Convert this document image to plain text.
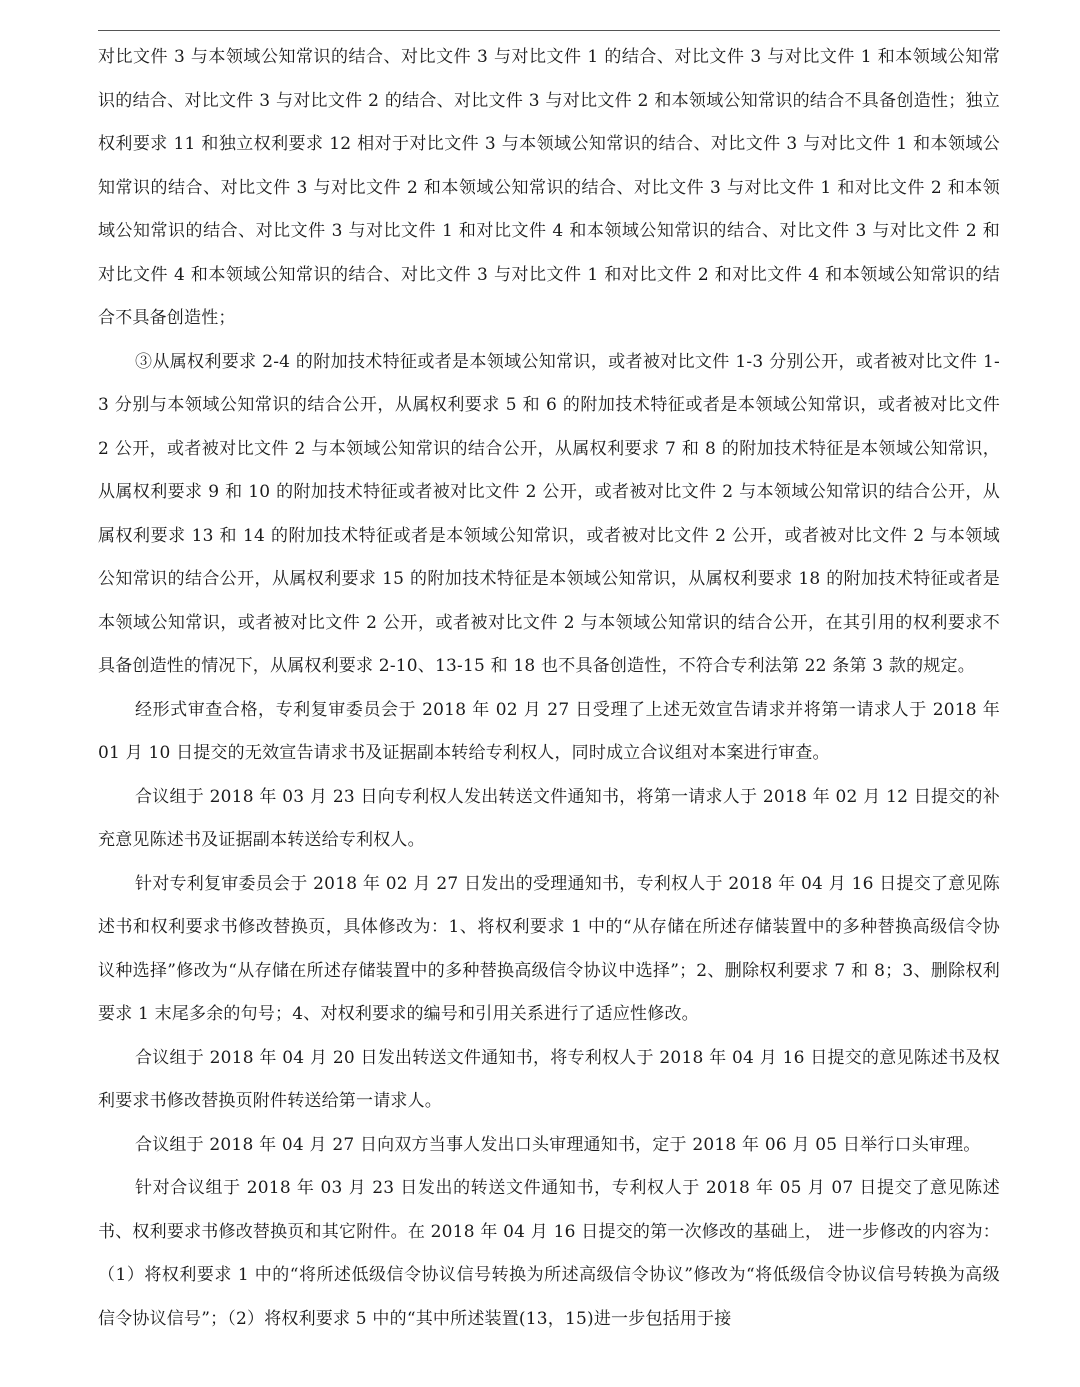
对比文件 3 与本领域公知常识的结合、对比文件 3 与对比文件 1 的结合、对比文件 3 与对比文件 1 和本领域公知常识的结合、对比文件 3 与对比文件 2 的结合、对比文件 3 与对比文件 2 和本领域公知常识的结合不具备创造性；独立权利要求 11 和独立权利要求 12 相对于对比文件 3 与本领域公知常识的结合、对比文件 3 与对比文件 1 和本领域公知常识的结合、对比文件 3 与对比文件 2 和本领域公知常识的结合、对比文件 3 与对比文件 1 和对比文件 2 和本领域公知常识的结合、对比文件 3 与对比文件 1 和对比文件 4 和本领域公知常识的结合、对比文件 3 与对比文件 2 和对比文件 4 和本领域公知常识的结合、对比文件 3 与对比文件 1 和对比文件 2 和对比文件 4 和本领域公知常识的结合不具备创造性；

③从属权利要求 2-4 的附加技术特征或者是本领域公知常识，或者被对比文件 1-3 分别公开，或者被对比文件 1-3 分别与本领域公知常识的结合公开，从属权利要求 5 和 6 的附加技术特征或者是本领域公知常识，或者被对比文件 2 公开，或者被对比文件 2 与本领域公知常识的结合公开，从属权利要求 7 和 8 的附加技术特征是本领域公知常识，从属权利要求 9 和 10 的附加技术特征或者被对比文件 2 公开，或者被对比文件 2 与本领域公知常识的结合公开，从属权利要求 13 和 14 的附加技术特征或者是本领域公知常识，或者被对比文件 2 公开，或者被对比文件 2 与本领域公知常识的结合公开，从属权利要求 15 的附加技术特征是本领域公知常识，从属权利要求 18 的附加技术特征或者是本领域公知常识，或者被对比文件 2 公开，或者被对比文件 2 与本领域公知常识的结合公开，在其引用的权利要求不具备创造性的情况下，从属权利要求 2-10、13-15 和 18 也不具备创造性，不符合专利法第 22 条第 3 款的规定。

经形式审查合格，专利复审委员会于 2018 年 02 月 27 日受理了上述无效宣告请求并将第一请求人于 2018 年 01 月 10 日提交的无效宣告请求书及证据副本转给专利权人，同时成立合议组对本案进行审查。

合议组于 2018 年 03 月 23 日向专利权人发出转送文件通知书，将第一请求人于 2018 年 02 月 12 日提交的补充意见陈述书及证据副本转送给专利权人。

针对专利复审委员会于 2018 年 02 月 27 日发出的受理通知书，专利权人于 2018 年 04 月 16 日提交了意见陈述书和权利要求书修改替换页，具体修改为：1、将权利要求 1 中的“从存储在所述存储装置中的多种替换高级信令协议种选择”修改为“从存储在所述存储装置中的多种替换高级信令协议中选择”；2、删除权利要求 7 和 8；3、删除权利要求 1 末尾多余的句号；4、对权利要求的编号和引用关系进行了适应性修改。

合议组于 2018 年 04 月 20 日发出转送文件通知书，将专利权人于 2018 年 04 月 16 日提交的意见陈述书及权利要求书修改替换页附件转送给第一请求人。

合议组于 2018 年 04 月 27 日向双方当事人发出口头审理通知书，定于 2018 年 06 月 05 日举行口头审理。

针对合议组于 2018 年 03 月 23 日发出的转送文件通知书，专利权人于 2018 年 05 月 07 日提交了意见陈述书、权利要求书修改替换页和其它附件。在 2018 年 04 月 16 日提交的第一次修改的基础上， 进一步修改的内容为：（1）将权利要求 1 中的“将所述低级信令协议信号转换为所述高级信令协议”修改为“将低级信令协议信号转换为高级信令协议信号”；（2）将权利要求 5 中的“其中所述装置(13，15)进一步包括用于接
